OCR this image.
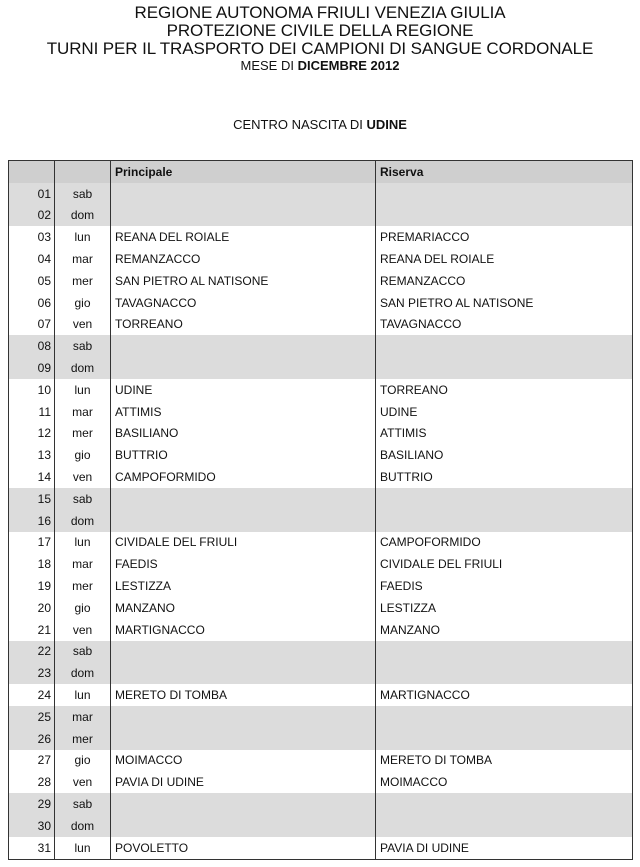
REGIONE AUTONOMA FRIULI VENEZIA GIULIA
PROTEZIONE CIVILE DELLA REGIONE
TURNI PER IL TRASPORTO DEI CAMPIONI DI SANGUE CORDONALE
MESE DI DICEMBRE 2012
CENTRO NASCITA DI UDINE
		Principale	Riserva
01	sab		
02	dom		
03	lun	REANA DEL ROIALE	PREMARIACCO
04	mar	REMANZACCO	REANA DEL ROIALE
05	mer	SAN PIETRO AL NATISONE	REMANZACCO
06	gio	TAVAGNACCO	SAN PIETRO AL NATISONE
07	ven	TORREANO	TAVAGNACCO
08	sab		
09	dom		
10	lun	UDINE	TORREANO
11	mar	ATTIMIS	UDINE
12	mer	BASILIANO	ATTIMIS
13	gio	BUTTRIO	BASILIANO
14	ven	CAMPOFORMIDO	BUTTRIO
15	sab		
16	dom		
17	lun	CIVIDALE DEL FRIULI	CAMPOFORMIDO
18	mar	FAEDIS	CIVIDALE DEL FRIULI
19	mer	LESTIZZA	FAEDIS
20	gio	MANZANO	LESTIZZA
21	ven	MARTIGNACCO	MANZANO
22	sab		
23	dom		
24	lun	MERETO DI TOMBA	MARTIGNACCO
25	mar		
26	mer		
27	gio	MOIMACCO	MERETO DI TOMBA
28	ven	PAVIA DI UDINE	MOIMACCO
29	sab		
30	dom		
31	lun	POVOLETTO	PAVIA DI UDINE
